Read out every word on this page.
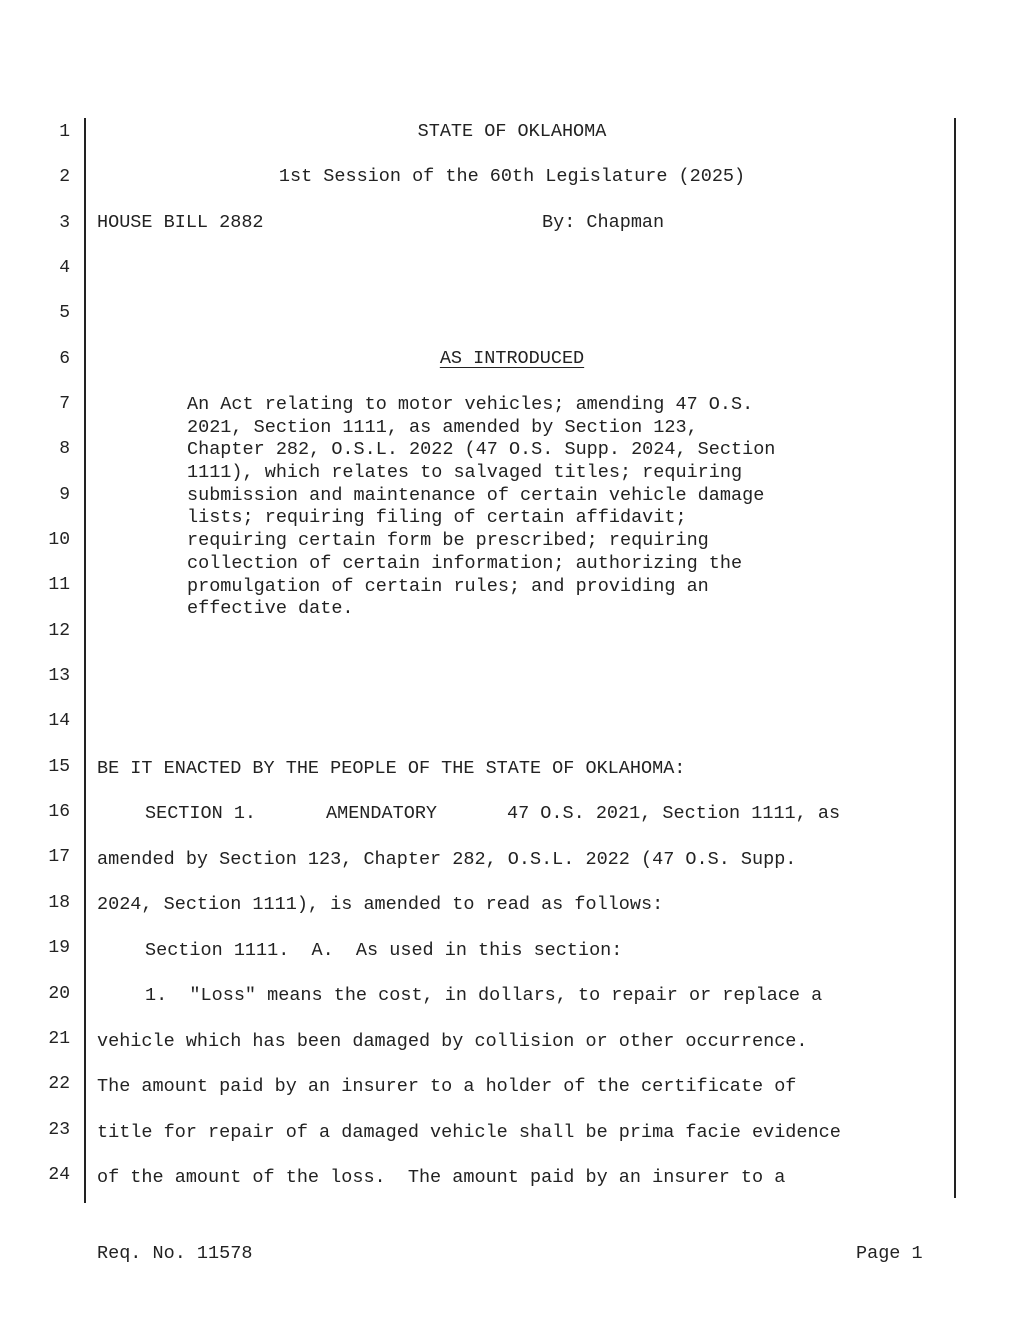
1
2
3
4
5
6
7
8
9
10
11
12
13
14
15
16
17
18
19
20
21
22
23
24
STATE OF OKLAHOMA
1st Session of the 60th Legislature (2025)
HOUSE BILL 2882	By: Chapman
AS INTRODUCED
An Act relating to motor vehicles; amending 47 O.S.
2021, Section 1111, as amended by Section 123,
Chapter 282, O.S.L. 2022 (47 O.S. Supp. 2024, Section
1111), which relates to salvaged titles; requiring
submission and maintenance of certain vehicle damage
lists; requiring filing of certain affidavit;
requiring certain form be prescribed; requiring
collection of certain information; authorizing the
promulgation of certain rules; and providing an
effective date.
BE IT ENACTED BY THE PEOPLE OF THE STATE OF OKLAHOMA:
SECTION 1.	AMENDATORY	47 O.S. 2021, Section 1111, as
amended by Section 123, Chapter 282, O.S.L. 2022 (47 O.S. Supp.
2024, Section 1111), is amended to read as follows:
Section 1111.  A.  As used in this section:
1.  "Loss" means the cost, in dollars, to repair or replace a
vehicle which has been damaged by collision or other occurrence.
The amount paid by an insurer to a holder of the certificate of
title for repair of a damaged vehicle shall be prima facie evidence
of the amount of the loss.  The amount paid by an insurer to a
Req. No. 11578	Page 1
